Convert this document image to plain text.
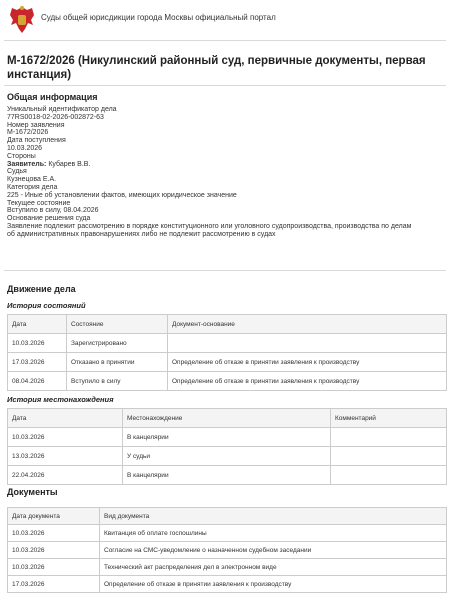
Суды общей юрисдикции города Москвы официальный портал
М-1672/2026 (Никулинский районный суд, первичные документы, первая инстанция)
Общая информация
Уникальный идентификатор дела
77RS0018-02-2026-002872-63
Номер заявления
М-1672/2026
Дата поступления
10.03.2026
Стороны
Заявитель: Кубарев В.В.
Судья
Кузнецова Е.А.
Категория дела
225 - Иные об установлении фактов, имеющих юридическое значение
Текущее состояние
Вступило в силу, 08.04.2026
Основание решения суда
Заявление подлежит рассмотрению в порядке конституционного или уголовного судопроизводства, производства по делам
об административных правонарушениях либо не подлежит рассмотрению в судах
Движение дела
История состояний
Дата	Состояние	Документ-основание
10.03.2026	Зарегистрировано	
17.03.2026	Отказано в принятии	Определение об отказе в принятии заявления к производству
08.04.2026	Вступило в силу	Определение об отказе в принятии заявления к производству
История местонахождения
Дата	Местонахождение	Комментарий
10.03.2026	В канцелярии	
13.03.2026	У судьи	
22.04.2026	В канцелярии	
Документы
Дата документа	Вид документа
10.03.2026	Квитанция об оплате госпошлины
10.03.2026	Согласие на СМС-уведомление о назначенном судебном заседании
10.03.2026	Технический акт распределения дел в электронном виде
17.03.2026	Определение об отказе в принятии заявления к производству
